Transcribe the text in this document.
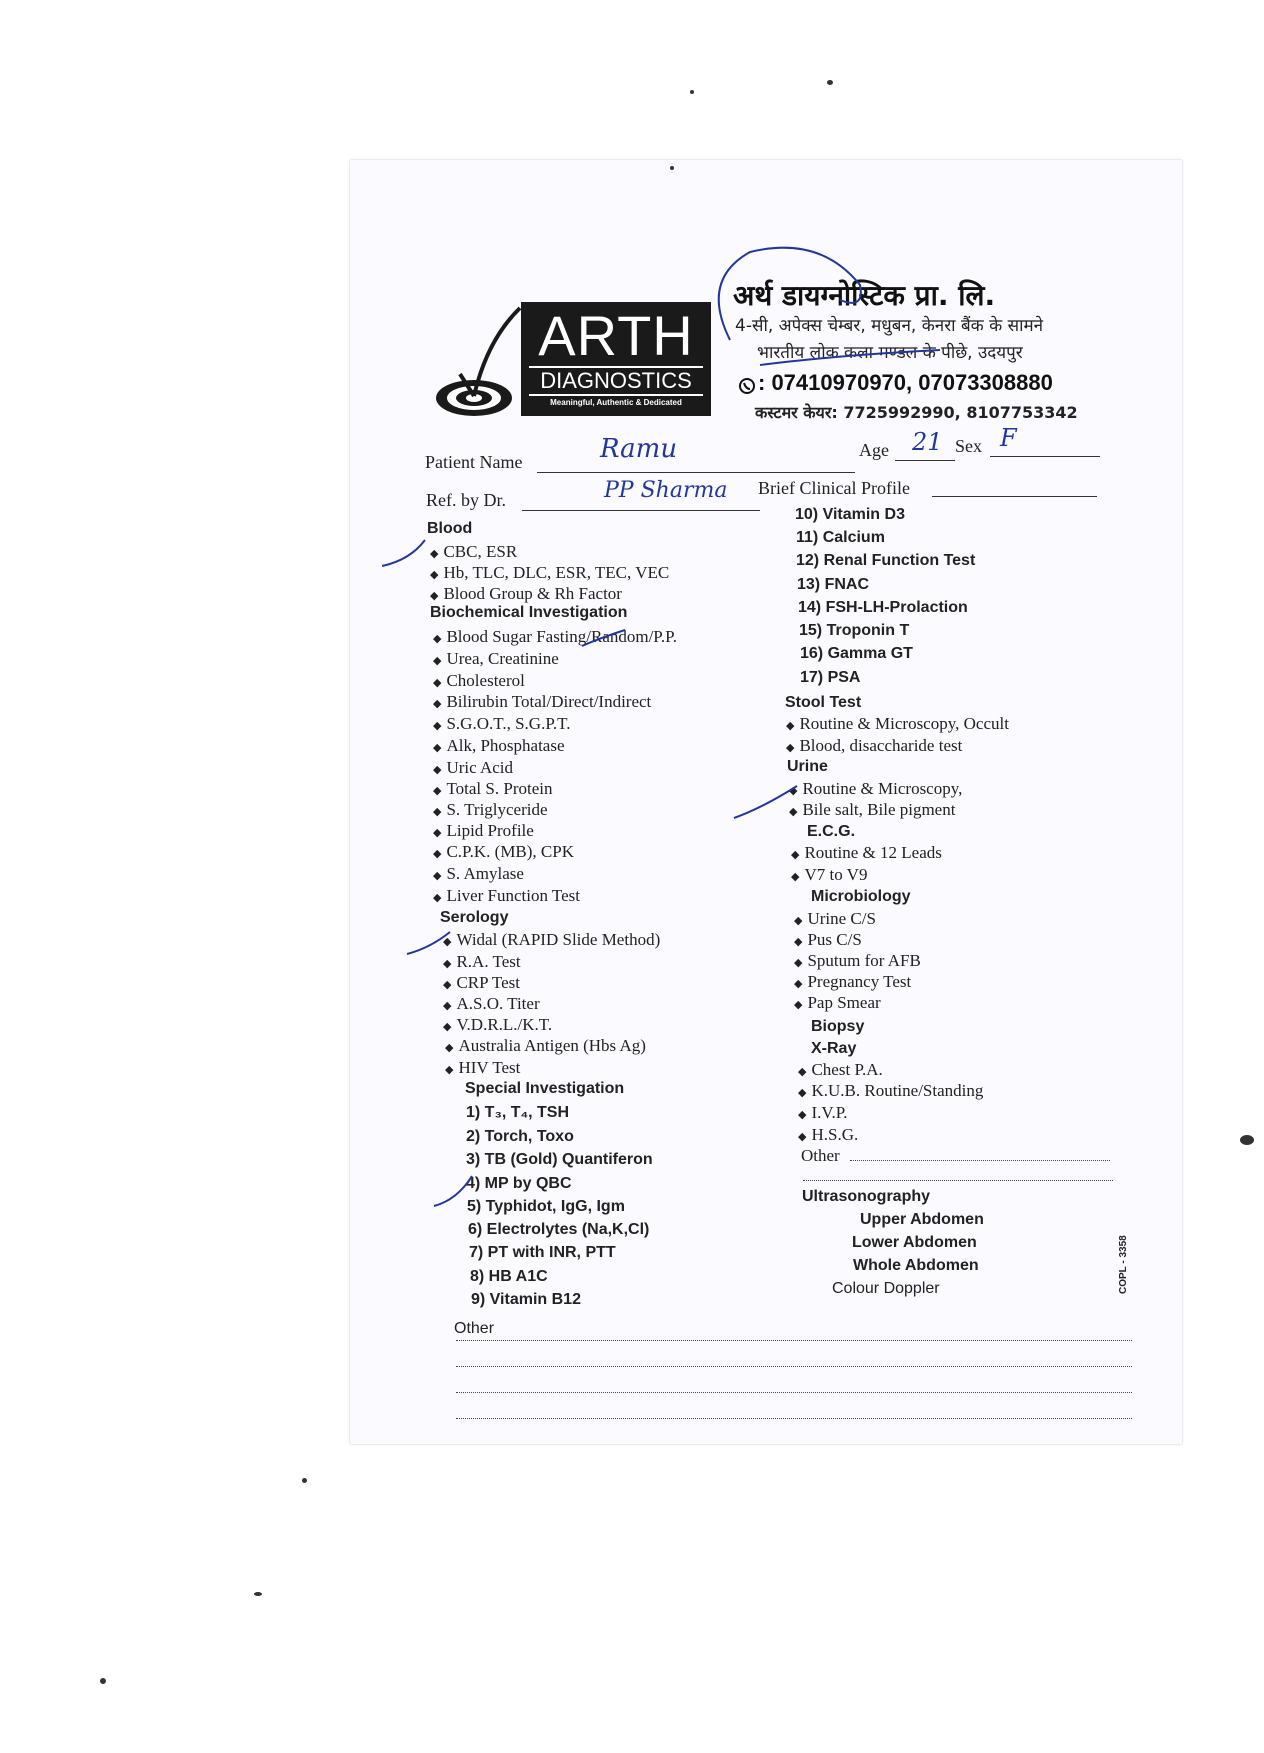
ARTH
DIAGNOSTICS
Meaningful, Authentic & Dedicated
अर्थ डायग्नोस्टिक प्रा. लि.
4-सी, अपेक्स चेम्बर, मधुबन, केनरा बैंक के सामने
भारतीय लोक कला मण्डल के पीछे, उदयपुर
: 07410970970, 07073308880
कस्टमर केयर: 7725992990, 8107753342
Patient Name	Ramu	Age 21 Sex F
Ref. by Dr.	PP Sharma Brief Clinical Profile
Blood
◆ CBC, ESR
◆ Hb, TLC, DLC, ESR, TEC, VEC
◆ Blood Group & Rh Factor
Biochemical Investigation
◆ Blood Sugar Fasting/Random/P.P.
◆ Urea, Creatinine
◆ Cholesterol
◆ Bilirubin Total/Direct/Indirect
◆ S.G.O.T., S.G.P.T.
◆ Alk, Phosphatase
◆ Uric Acid
◆ Total S. Protein
◆ S. Triglyceride
◆ Lipid Profile
◆ C.P.K. (MB), CPK
◆ S. Amylase
◆ Liver Function Test
Serology
◆ Widal (RAPID Slide Method)
◆ R.A. Test
◆ CRP Test
◆ A.S.O. Titer
◆ V.D.R.L./K.T.
◆ Australia Antigen (Hbs Ag)
◆ HIV Test
Special Investigation
1) T₃, T₄, TSH
2) Torch, Toxo
3) TB (Gold) Quantiferon
4) MP by QBC
5) Typhidot, IgG, Igm
6) Electrolytes (Na,K,Cl)
7) PT with INR, PTT
8) HB A1C
9) Vitamin B12
10) Vitamin D3
11) Calcium
12) Renal Function Test
13) FNAC
14) FSH-LH-Prolaction
15) Troponin T
16) Gamma GT
17) PSA
Stool Test
◆ Routine & Microscopy, Occult
◆ Blood, disaccharide test
Urine
◆ Routine & Microscopy,
◆ Bile salt, Bile pigment
E.C.G.
◆ Routine & 12 Leads
◆ V7 to V9
Microbiology
◆ Urine C/S
◆ Pus C/S
◆ Sputum for AFB
◆ Pregnancy Test
◆ Pap Smear
Biopsy
X-Ray
◆ Chest P.A.
◆ K.U.B. Routine/Standing
◆ I.V.P.
◆ H.S.G.
Other
Ultrasonography
Upper Abdomen
Lower Abdomen
Whole Abdomen
Colour Doppler	COPL - 3358
Other
